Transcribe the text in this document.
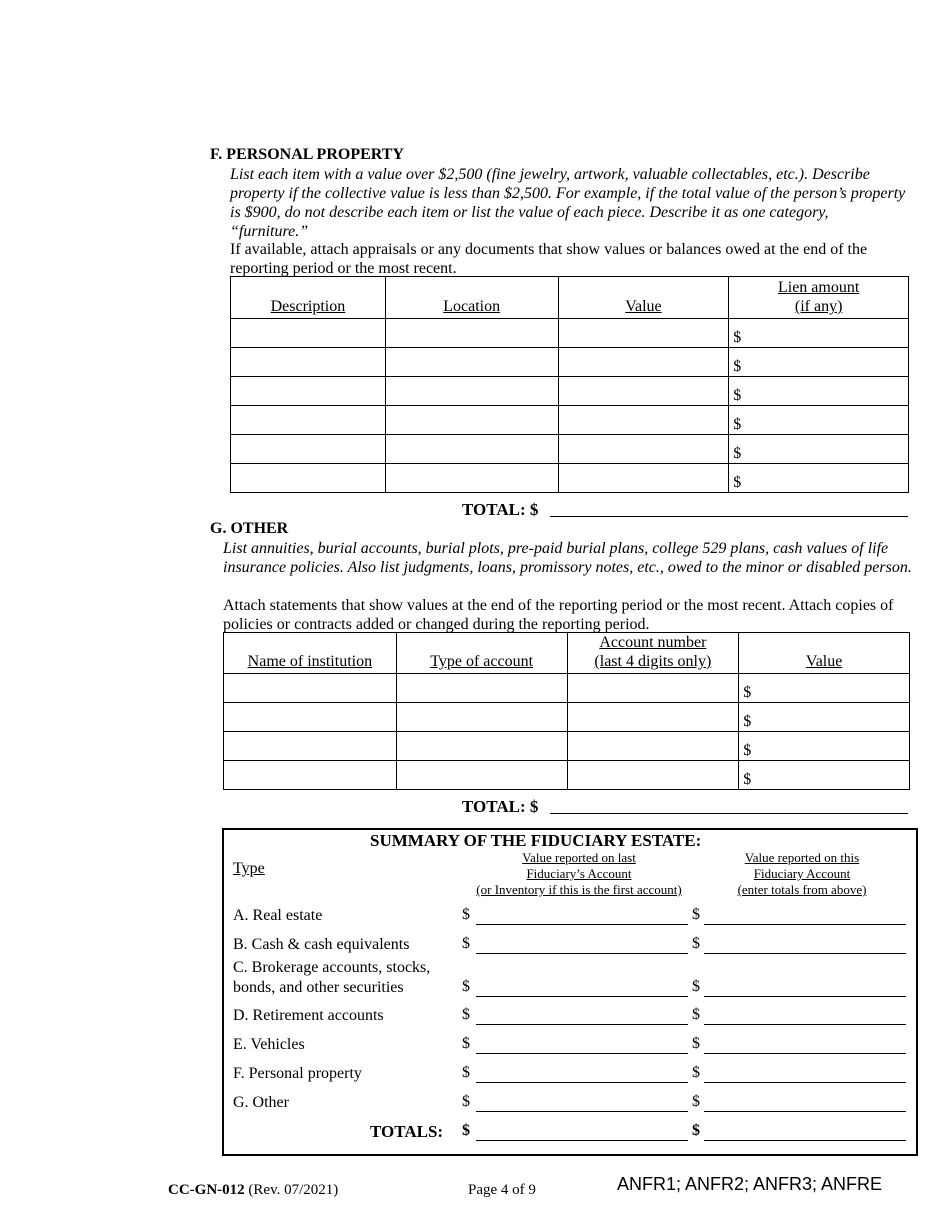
F. PERSONAL PROPERTY
List each item with a value over $2,500 (fine jewelry, artwork, valuable collectables, etc.). Describe property if the collective value is less than $2,500. For example, if the total value of the person’s property is $900, do not describe each item or list the value of each piece. Describe it as one category, “furniture.”
If available, attach appraisals or any documents that show values or balances owed at the end of the reporting period or the most recent.
Description	Location	Value	Lien amount
(if any)
			$
			$
			$
			$
			$
			$
TOTAL: $
G. OTHER
List annuities, burial accounts, burial plots, pre-paid burial plans, college 529 plans, cash values of life insurance policies. Also list judgments, loans, promissory notes, etc., owed to the minor or disabled person.
Attach statements that show values at the end of the reporting period or the most recent. Attach copies of policies or contracts added or changed during the reporting period.
Name of institution	Type of account	Account number
(last 4 digits only)	Value
			$
			$
			$
			$
TOTAL: $
SUMMARY OF THE FIDUCIARY ESTATE:
Type
Value reported on last
Fiduciary’s Account
(or Inventory if this is the first account)
Value reported on this
Fiduciary Account
(enter totals from above)
A. Real estate	$	$
B. Cash & cash equivalents	$	$
C. Brokerage accounts, stocks,
bonds, and other securities	$	$
D. Retirement accounts	$	$
E. Vehicles	$	$
F. Personal property	$	$
G. Other	$	$
TOTALS: $	$
CC-GN-012 (Rev. 07/2021)	Page 4 of 9	ANFR1; ANFR2; ANFR3; ANFRE
